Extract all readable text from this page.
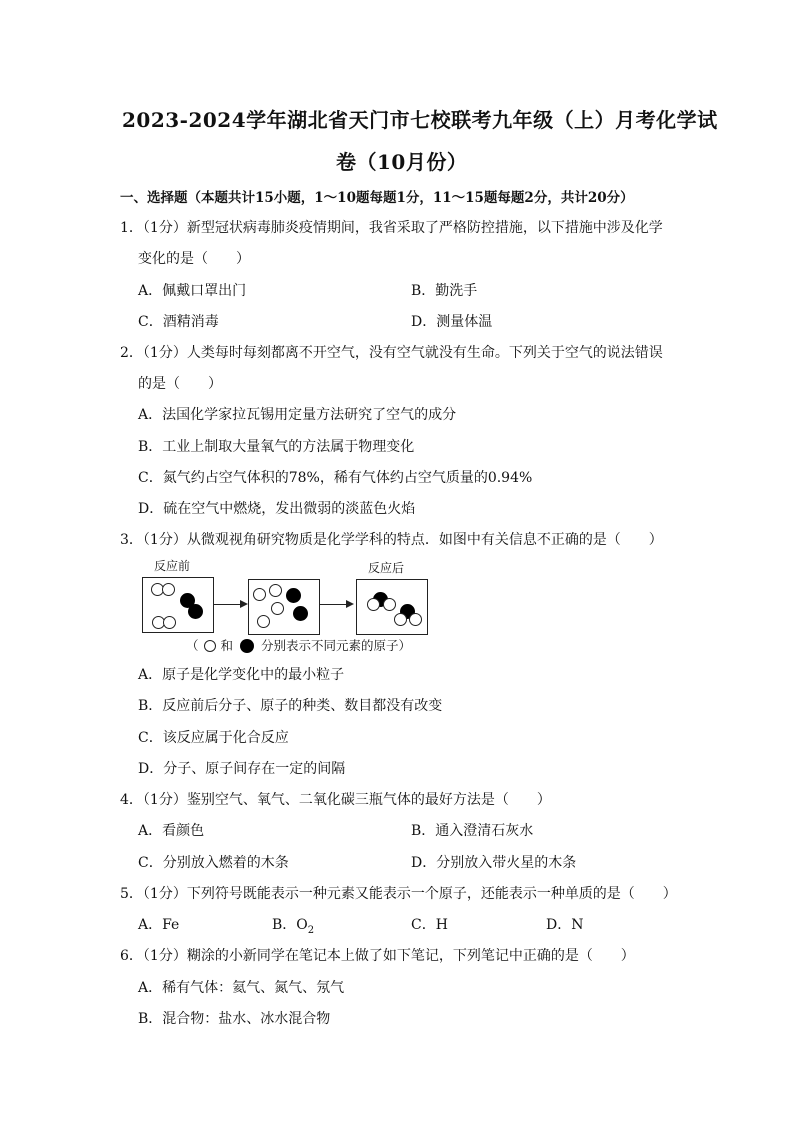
2023-2024学年湖北省天门市七校联考九年级（上）月考化学试
卷（10月份）
一、选择题（本题共计15小题，1～10题每题1分，11～15题每题2分，共计20分）
1．（1分）新型冠状病毒肺炎疫情期间，我省采取了严格防控措施，以下措施中涉及化学
变化的是（　　）
A．佩戴口罩出门	B．勤洗手
C．酒精消毒	D．测量体温
2．（1分）人类每时每刻都离不开空气，没有空气就没有生命。下列关于空气的说法错误
的是（　　）
A．法国化学家拉瓦锡用定量方法研究了空气的成分
B．工业上制取大量氧气的方法属于物理变化
C．氮气约占空气体积的78%，稀有气体约占空气质量的0.94%
D．硫在空气中燃烧，发出微弱的淡蓝色火焰
3．（1分）从微观视角研究物质是化学学科的特点．如图中有关信息不正确的是（　　）
反应前	反应后
（ 和 分别表示不同元素的原子）
A．原子是化学变化中的最小粒子
B．反应前后分子、原子的种类、数目都没有改变
C．该反应属于化合反应
D．分子、原子间存在一定的间隔
4．（1分）鉴别空气、氧气、二氧化碳三瓶气体的最好方法是（　　）
A．看颜色	B．通入澄清石灰水
C．分别放入燃着的木条	D．分别放入带火星的木条
5．（1分）下列符号既能表示一种元素又能表示一个原子，还能表示一种单质的是（　　）
A．Fe	B．$O_2$	C．H	D．N
6．（1分）糊涂的小新同学在笔记本上做了如下笔记，下列笔记中正确的是（　　）
A．稀有气体：氦气、氮气、氖气
B．混合物：盐水、冰水混合物
